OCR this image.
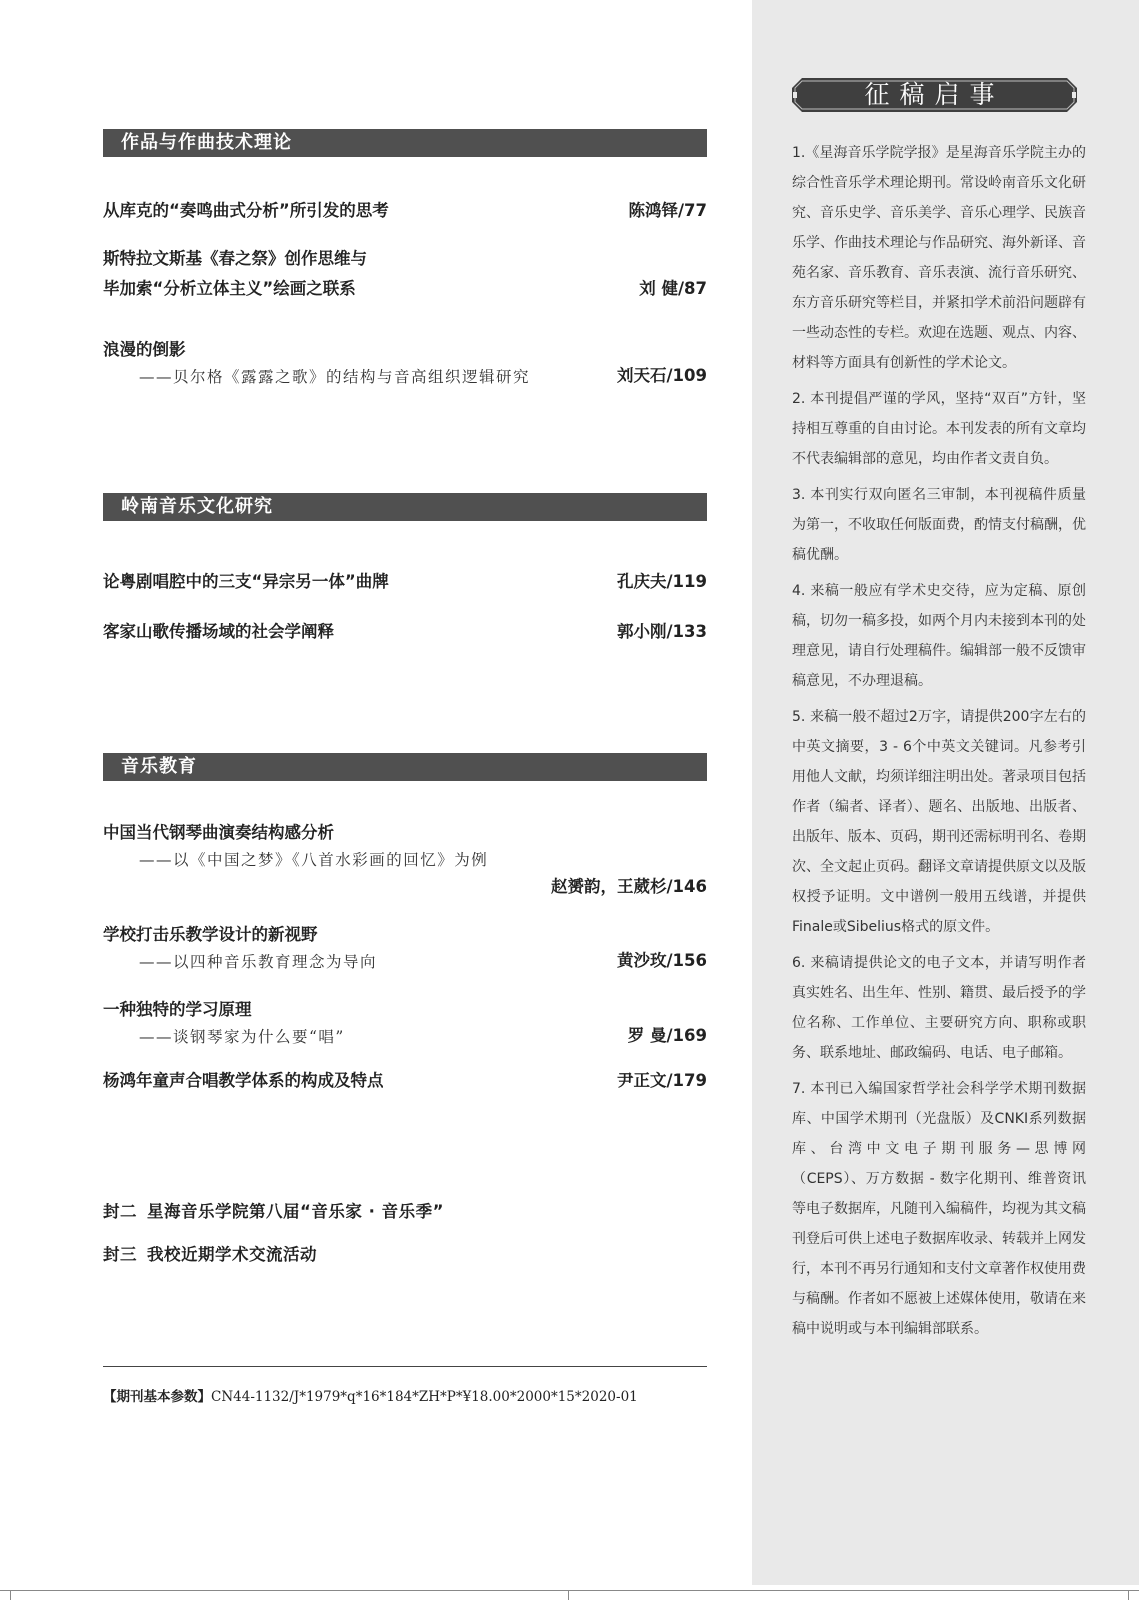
作品与作曲技术理论
从库克的“奏鸣曲式分析”所引发的思考	陈鸿铎/77
斯特拉文斯基《春之祭》创作思维与
毕加索“分析立体主义”绘画之联系	刘 健/87
浪漫的倒影
——贝尔格《露露之歌》的结构与音高组织逻辑研究	刘天石/109
岭南音乐文化研究
论粤剧唱腔中的三支“异宗另一体”曲牌	孔庆夫/119
客家山歌传播场域的社会学阐释	郭小刚/133
音乐教育
中国当代钢琴曲演奏结构感分析
——以《中国之梦》《八首水彩画的回忆》为例
赵赟韵，王葳杉/146
学校打击乐教学设计的新视野
——以四种音乐教育理念为导向	黄沙玫/156
一种独特的学习原理
——谈钢琴家为什么要“唱”	罗 曼/169
杨鸿年童声合唱教学体系的构成及特点	尹正文/179
封二 星海音乐学院第八届“音乐家 · 音乐季”
封三 我校近期学术交流活动
【期刊基本参数】CN44-1132/J*1979*q*16*184*ZH*P*¥18.00*2000*15*2020-01
征稿启事

1.《星海音乐学院学报》是星海音乐学院主办的综合性音乐学术理论期刊。常设岭南音乐文化研究、音乐史学、音乐美学、音乐心理学、民族音乐学、作曲技术理论与作品研究、海外新译、音苑名家、音乐教育、音乐表演、流行音乐研究、东方音乐研究等栏目，并紧扣学术前沿问题辟有一些动态性的专栏。欢迎在选题、观点、内容、材料等方面具有创新性的学术论文。

2. 本刊提倡严谨的学风，坚持“双百”方针，坚持相互尊重的自由讨论。本刊发表的所有文章均不代表编辑部的意见，均由作者文责自负。

3. 本刊实行双向匿名三审制，本刊视稿件质量为第一，不收取任何版面费，酌情支付稿酬，优稿优酬。

4. 来稿一般应有学术史交待，应为定稿、原创稿，切勿一稿多投，如两个月内未接到本刊的处理意见，请自行处理稿件。编辑部一般不反馈审稿意见，不办理退稿。

5. 来稿一般不超过2万字，请提供200字左右的中英文摘要，3 - 6个中英文关键词。凡参考引用他人文献，均须详细注明出处。著录项目包括作者（编者、译者）、题名、出版地、出版者、出版年、版本、页码，期刊还需标明刊名、卷期次、全文起止页码。翻译文章请提供原文以及版权授予证明。文中谱例一般用五线谱，并提供Finale或Sibelius格式的原文件。

6. 来稿请提供论文的电子文本，并请写明作者真实姓名、出生年、性别、籍贯、最后授予的学位名称、工作单位、主要研究方向、职称或职务、联系地址、邮政编码、电话、电子邮箱。

7. 本刊已入编国家哲学社会科学学术期刊数据库、中国学术期刊（光盘版）及CNKI系列数据库、台湾中文电子期刊服务—思博网（CEPS）、万方数据 - 数字化期刊、维普资讯等电子数据库，凡随刊入编稿件，均视为其文稿刊登后可供上述电子数据库收录、转载并上网发行，本刊不再另行通知和支付文章著作权使用费与稿酬。作者如不愿被上述媒体使用，敬请在来稿中说明或与本刊编辑部联系。
